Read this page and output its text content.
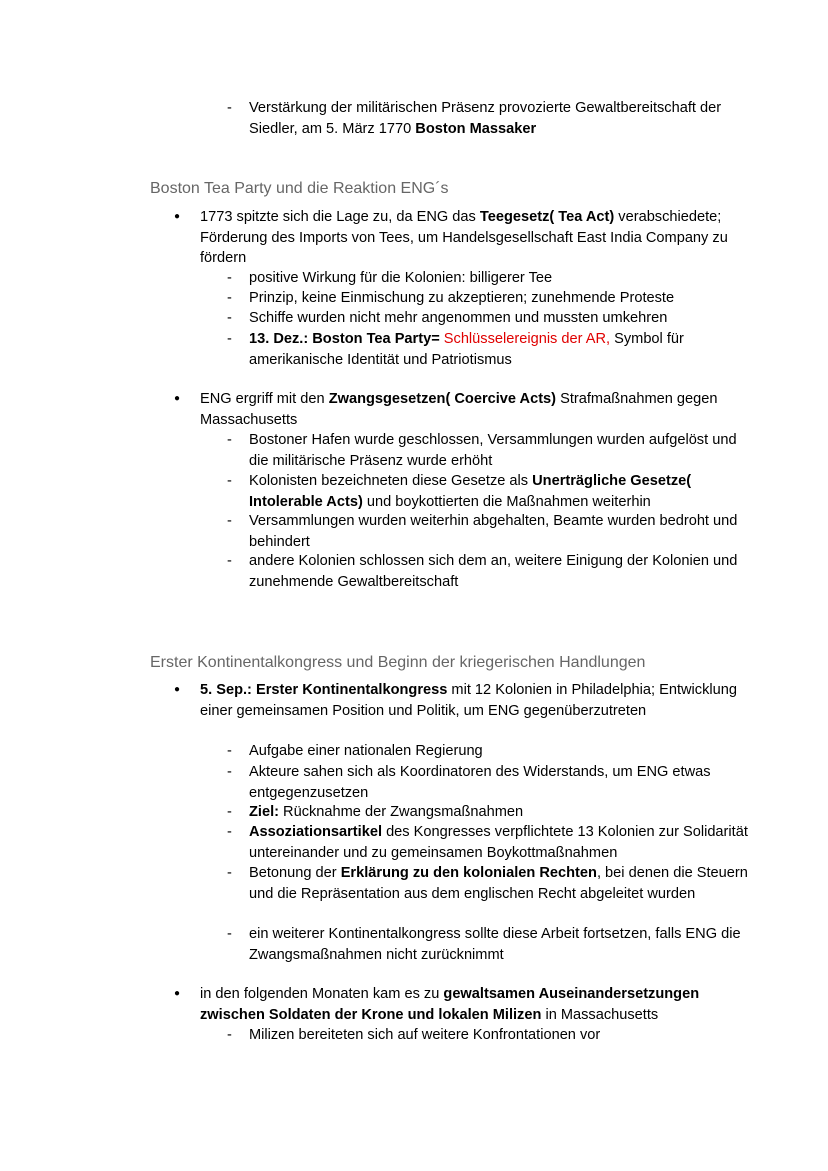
- Verstärkung der militärischen Präsenz provozierte Gewaltbereitschaft der Siedler, am 5. März 1770 Boston Massaker
Boston Tea Party und die Reaktion ENG´s
● 1773 spitzte sich die Lage zu, da ENG das Teegesetz( Tea Act) verabschiedete; Förderung des Imports von Tees, um Handelsgesellschaft East India Company zu fördern
- positive Wirkung für die Kolonien: billigerer Tee
- Prinzip, keine Einmischung zu akzeptieren; zunehmende Proteste
- Schiffe wurden nicht mehr angenommen und mussten umkehren
- 13. Dez.: Boston Tea Party= Schlüsselereignis der AR, Symbol für amerikanische Identität und Patriotismus
● ENG ergriff mit den Zwangsgesetzen( Coercive Acts) Strafmaßnahmen gegen Massachusetts
- Bostoner Hafen wurde geschlossen, Versammlungen wurden aufgelöst und die militärische Präsenz wurde erhöht
- Kolonisten bezeichneten diese Gesetze als Unerträgliche Gesetze( Intolerable Acts) und boykottierten die Maßnahmen weiterhin
- Versammlungen wurden weiterhin abgehalten, Beamte wurden bedroht und behindert
- andere Kolonien schlossen sich dem an, weitere Einigung der Kolonien und zunehmende Gewaltbereitschaft
Erster Kontinentalkongress und Beginn der kriegerischen Handlungen
● 5. Sep.: Erster Kontinentalkongress mit 12 Kolonien in Philadelphia; Entwicklung einer gemeinsamen Position und Politik, um ENG gegenüberzutreten
- Aufgabe einer nationalen Regierung
- Akteure sahen sich als Koordinatoren des Widerstands, um ENG etwas entgegenzusetzen
- Ziel: Rücknahme der Zwangsmaßnahmen
- Assoziationsartikel des Kongresses verpflichtete 13 Kolonien zur Solidarität untereinander und zu gemeinsamen Boykottmaßnahmen
- Betonung der Erklärung zu den kolonialen Rechten, bei denen die Steuern und die Repräsentation aus dem englischen Recht abgeleitet wurden
- ein weiterer Kontinentalkongress sollte diese Arbeit fortsetzen, falls ENG die Zwangsmaßnahmen nicht zurücknimmt
● in den folgenden Monaten kam es zu gewaltsamen Auseinandersetzungen zwischen Soldaten der Krone und lokalen Milizen in Massachusetts
- Milizen bereiteten sich auf weitere Konfrontationen vor
